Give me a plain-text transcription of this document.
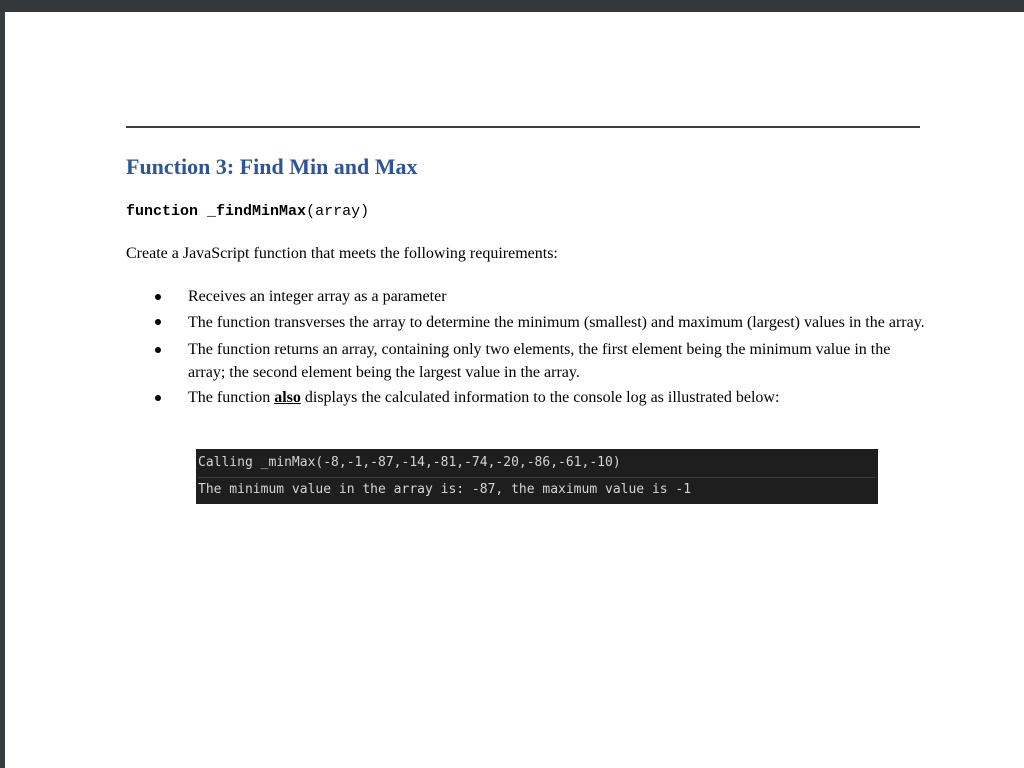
Function 3: Find Min and Max
function _findMinMax(array)
Create a JavaScript function that meets the following requirements:
Receives an integer array as a parameter
The function transverses the array to determine the minimum (smallest) and maximum (largest) values in the array.
The function returns an array, containing only two elements, the first element being the minimum value in the array; the second element being the largest value in the array.
The function also displays the calculated information to the console log as illustrated below:
Calling _minMax(-8,-1,-87,-14,-81,-74,-20,-86,-61,-10)
The minimum value in the array is: -87, the maximum value is -1
